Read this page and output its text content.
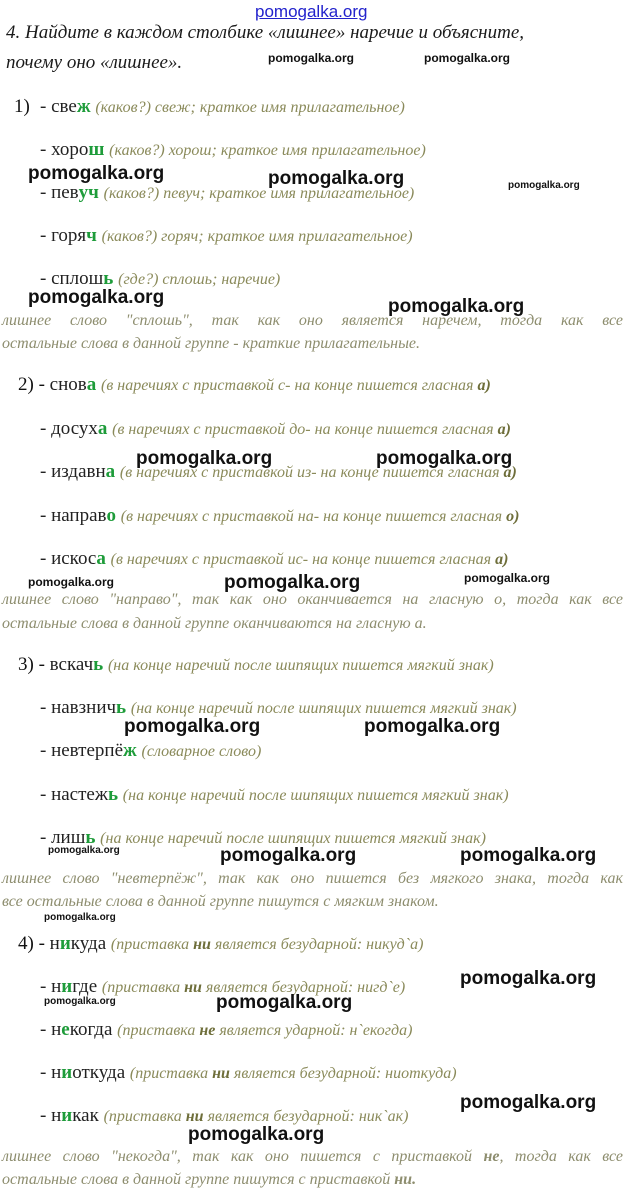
pomogalka.org
4. Найдите в каждом столбике «лишнее» наречие и объясните,
почему оно «лишнее».
1) - свеж (каков?) свеж; краткое имя прилагательное)
- хорош (каков?) хорош; краткое имя прилагательное)
- певуч (каков?) певуч; краткое имя прилагательное)
- горяч (каков?) горяч; краткое имя прилагательное)
- сплошь (где?) сплошь; наречие)
лишнее слово "сплошь", так как оно является наречем, тогда как все
остальные слова в данной группе - краткие прилагательные.
2) - снова (в наречиях с приставкой с- на конце пишется гласная а)
- досуха (в наречиях с приставкой до- на конце пишется гласная а)
- издавна (в наречиях с приставкой из- на конце пишется гласная а)
- направо (в наречиях с приставкой на- на конце пишется гласная о)
- искоса (в наречиях с приставкой ис- на конце пишется гласная а)
лишнее слово "направо", так как оно оканчивается на гласную о, тогда как все
остальные слова в данной группе оканчиваются на гласную а.
3) - вскачь (на конце наречий после шипящих пишется мягкий знак)
- навзничь (на конце наречий после шипящих пишется мягкий знак)
- невтерпёж (словарное слово)
- настежь (на конце наречий после шипящих пишется мягкий знак)
- лишь (на конце наречий после шипящих пишется мягкий знак)
лишнее слово "невтерпёж", так как оно пишется без мягкого знака, тогда как
все остальные слова в данной группе пишутся с мягким знаком.
4) - никуда (приставка ни является безударной: никуд`а)
- нигде (приставка ни является безударной: нигд`е)
- некогда (приставка не является ударной: н`екогда)
- ниоткуда (приставка ни является безударной: ниоткуда)
- никак (приставка ни является безударной: ник`ак)
лишнее слово "некогда", так как оно пишется с приставкой не, тогда как все
остальные слова в данной группе пишутся с приставкой ни.
pomogalka.org	pomogalka.org
pomogalka.org	pomogalka.org	pomogalka.org
pomogalka.org	pomogalka.org
pomogalka.org	pomogalka.org
pomogalka.org	pomogalka.org	pomogalka.org
pomogalka.org	pomogalka.org
pomogalka.org	pomogalka.org	pomogalka.org
pomogalka.org
pomogalka.org
pomogalka.org	pomogalka.org
pomogalka.org
pomogalka.org
